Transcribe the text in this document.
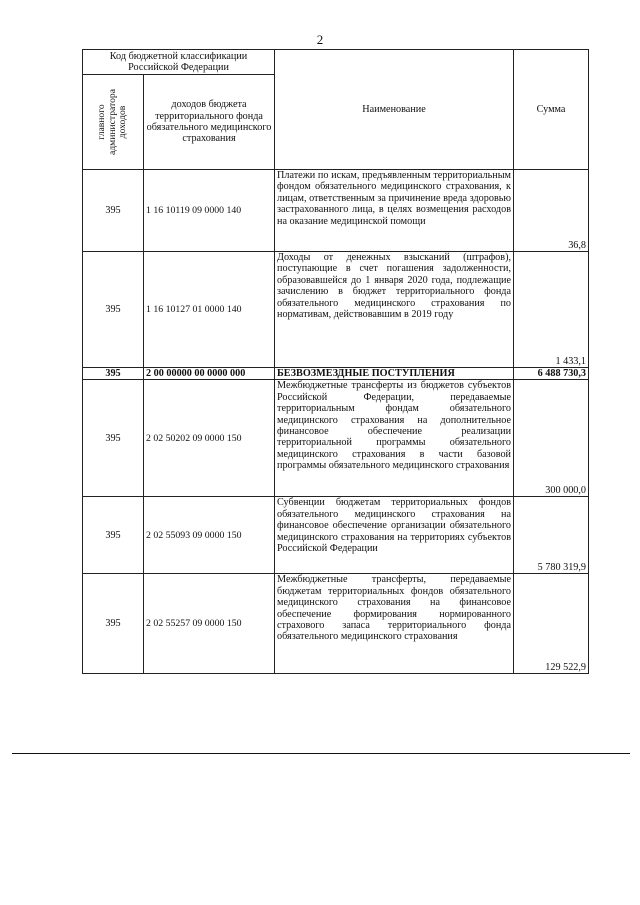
2
Код бюджетной классификации Российской Федерации		Наименование	Сумма

главного администратора доходов	доходов бюджета территориального фонда обязательного медицинского страхования		
395	1 16 10119 09 0000 140	Платежи по искам, предъявленным территориальным фондом обязательного медицинского страхования, к лицам, ответственным за причинение вреда здоровью застрахованного лица, в целях возмещения расходов на оказание медицинской помощи	36,8
395	1 16 10127 01 0000 140	Доходы от денежных взысканий (штрафов), поступающие в счет погашения задолженности, образовавшейся до 1 января 2020 года, подлежащие зачислению в бюджет территориального фонда обязательного медицинского страхования по нормативам, действовавшим в 2019 году	1 433,1
395	2 00 00000 00 0000 000	БЕЗВОЗМЕЗДНЫЕ ПОСТУПЛЕНИЯ	6 488 730,3
395	2 02 50202 09 0000 150	Межбюджетные трансферты из бюджетов субъектов Российской Федерации, передаваемые территориальным фондам обязательного медицинского страхования на дополнительное финансовое обеспечение реализации территориальной программы обязательного медицинского страхования в части базовой программы обязательного медицинского страхования	300 000,0
395	2 02 55093 09 0000 150	Субвенции бюджетам территориальных фондов обязательного медицинского страхования на финансовое обеспечение организации обязательного медицинского страхования на территориях субъектов Российской Федерации	5 780 319,9
395	2 02 55257 09 0000 150	Межбюджетные трансферты, передаваемые бюджетам территориальных фондов обязательного медицинского страхования на финансовое обеспечение формирования нормированного страхового запаса территориального фонда обязательного медицинского страхования	129 522,9
